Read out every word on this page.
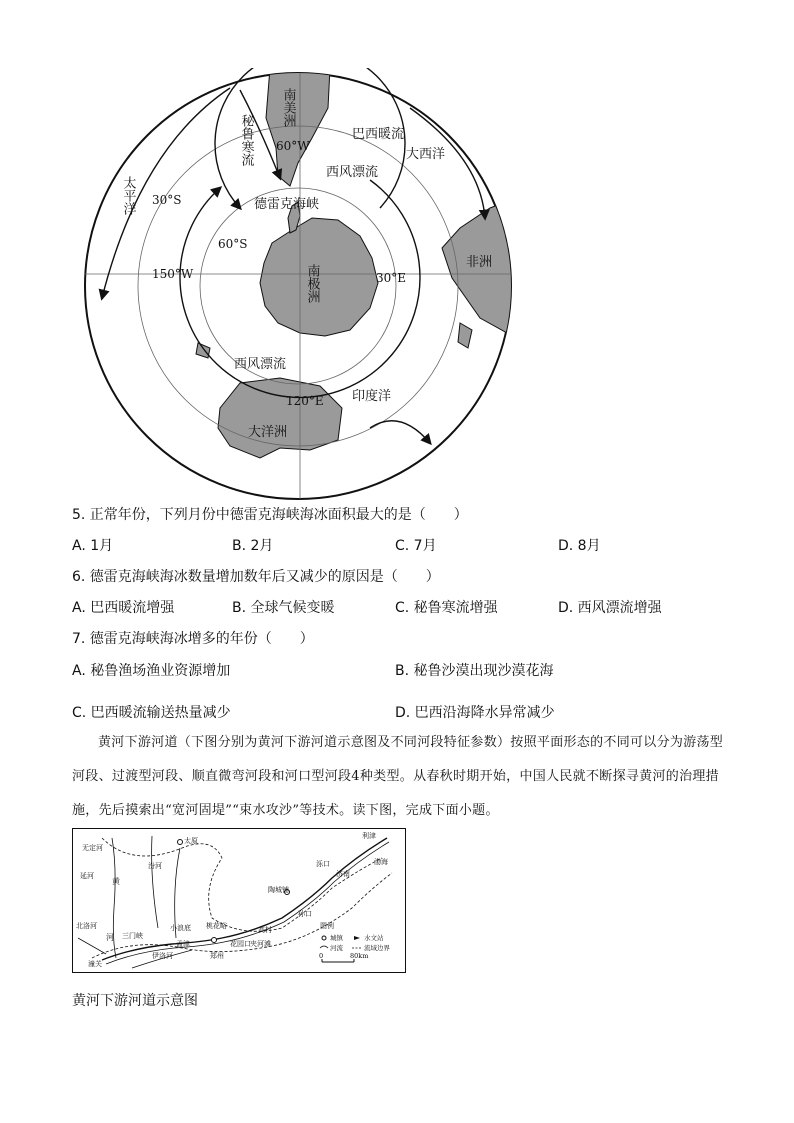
南美洲
秘鲁寒流	巴西暖流
60°W
30°S
60°S
150°W	30°E
120°E
德雷克海峡
西风漂流
西风漂流
太平洋
大西洋
印度洋
南极洲
非洲
大洋洲
5. 正常年份，下列月份中德雷克海峡海冰面积最大的是（　　）
A. 1月	B. 2月	C. 7月	D. 8月
6. 德雷克海峡海冰数量增加数年后又减少的原因是（　　）
A. 巴西暖流增强	B. 全球气候变暖	C. 秘鲁寒流增强	D. 西风漂流增强
7. 德雷克海峡海冰增多的年份（　　）
A. 秘鲁渔场渔业资源增加	B. 秘鲁沙漠出现沙漠花海
C. 巴西暖流输送热量减少	D. 巴西沿海降水异常减少
黄河下游河道（下图分别为黄河下游河道示意图及不同河段特征参数）按照平面形态的不同可以分为游荡型河段、过渡型河段、顺直微弯河段和河口型河段4种类型。从春秋时期开始，中国人民就不断探寻黄河的治理措施，先后摸索出“宽河固堤”“束水攻沙”等技术。读下图，完成下面小题。
无定河
太原
利津
延河
汾河
黄
河
泺口
济南
渤海
陶城铺
孙口
北洛河
三门峡
小浪底 桃花峪	高村
花园口 夹河滩
潼关
伊洛河
孟津
郑州
图例
城镇	水文站
河流	流域边界
0	80km
黄河下游河道示意图
